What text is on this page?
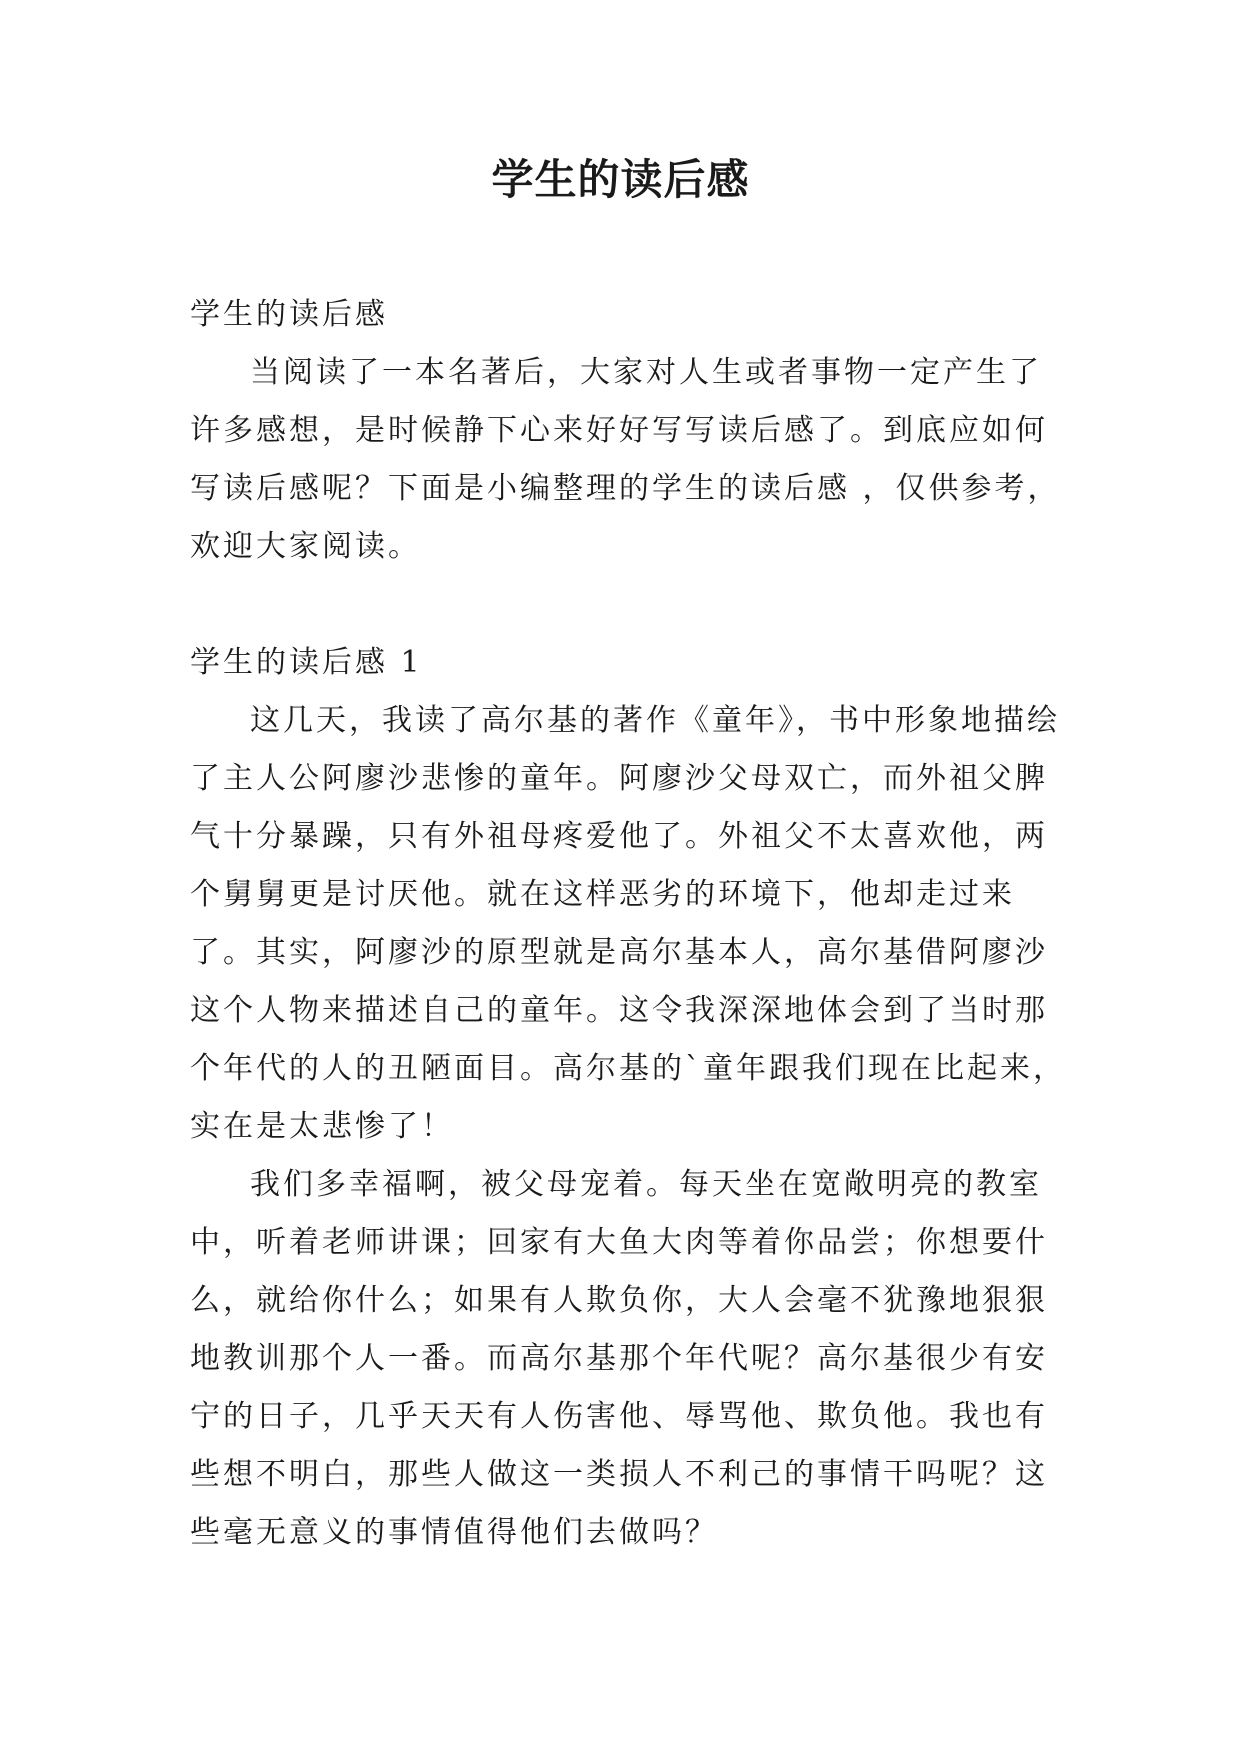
学生的读后感

学生的读后感

当阅读了一本名著后，大家对人生或者事物一定产生了许多感想，是时候静下心来好好写写读后感了。到底应如何写读后感呢？下面是小编整理的学生的读后感 ，仅供参考，欢迎大家阅读。

学生的读后感 1

这几天，我读了高尔基的著作《童年》，书中形象地描绘了主人公阿廖沙悲惨的童年。阿廖沙父母双亡，而外祖父脾气十分暴躁，只有外祖母疼爱他了。外祖父不太喜欢他，两个舅舅更是讨厌他。就在这样恶劣的环境下，他却走过来了。其实，阿廖沙的原型就是高尔基本人，高尔基借阿廖沙这个人物来描述自己的童年。这令我深深地体会到了当时那个年代的人的丑陋面目。高尔基的`童年跟我们现在比起来，实在是太悲惨了！

我们多幸福啊，被父母宠着。每天坐在宽敞明亮的教室中，听着老师讲课；回家有大鱼大肉等着你品尝；你想要什么，就给你什么；如果有人欺负你，大人会毫不犹豫地狠狠地教训那个人一番。而高尔基那个年代呢？高尔基很少有安宁的日子，几乎天天有人伤害他、辱骂他、欺负他。我也有些想不明白，那些人做这一类损人不利己的事情干吗呢？这些毫无意义的事情值得他们去做吗？
